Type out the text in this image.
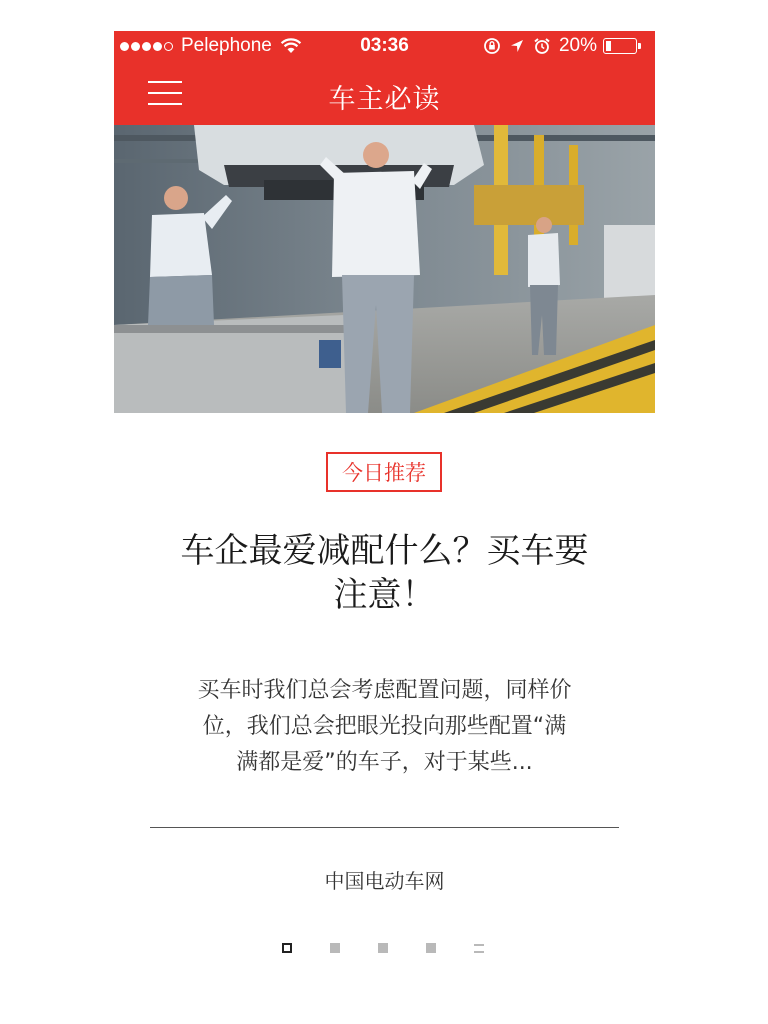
Pelephone	03:36	20%
车主必读
今日推荐
车企最爱减配什么？买车要
注意！
买车时我们总会考虑配置问题，同样价
位，我们总会把眼光投向那些配置“满
满都是爱”的车子，对于某些...
中国电动车网
